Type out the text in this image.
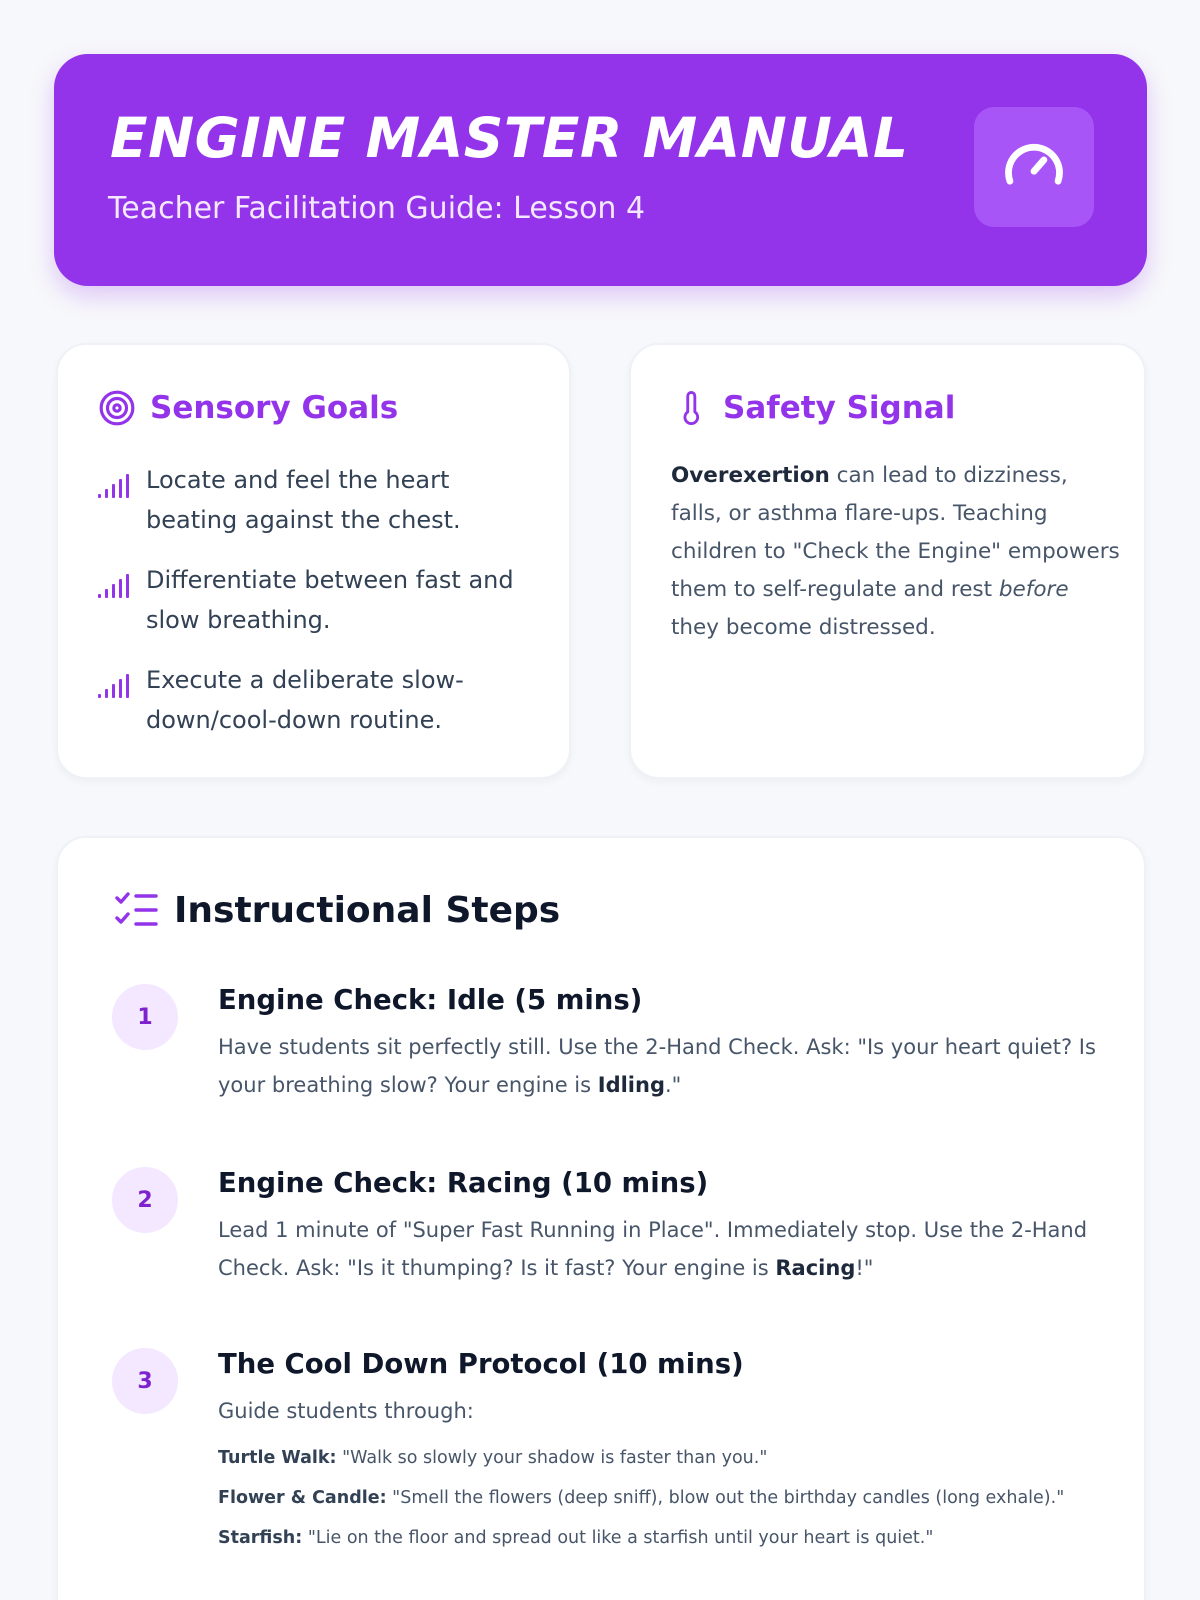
ENGINE MASTER MANUAL
Teacher Facilitation Guide: Lesson 4
Sensory Goals
Locate and feel the heart beating against the chest.
Differentiate between fast and slow breathing.
Execute a deliberate slow-down/cool-down routine.
Safety Signal
Overexertion can lead to dizziness, falls, or asthma flare-ups. Teaching children to "Check the Engine" empowers them to self-regulate and rest before they become distressed.
Instructional Steps
1
Engine Check: Idle (5 mins)
Have students sit perfectly still. Use the 2-Hand Check. Ask: "Is your heart quiet? Is your breathing slow? Your engine is Idling."
2
Engine Check: Racing (10 mins)
Lead 1 minute of "Super Fast Running in Place". Immediately stop. Use the 2-Hand Check. Ask: "Is it thumping? Is it fast? Your engine is Racing!"
3
The Cool Down Protocol (10 mins)
Guide students through:
Turtle Walk: "Walk so slowly your shadow is faster than you."
Flower & Candle: "Smell the flowers (deep sniff), blow out the birthday candles (long exhale)."
Starfish: "Lie on the floor and spread out like a starfish until your heart is quiet."
